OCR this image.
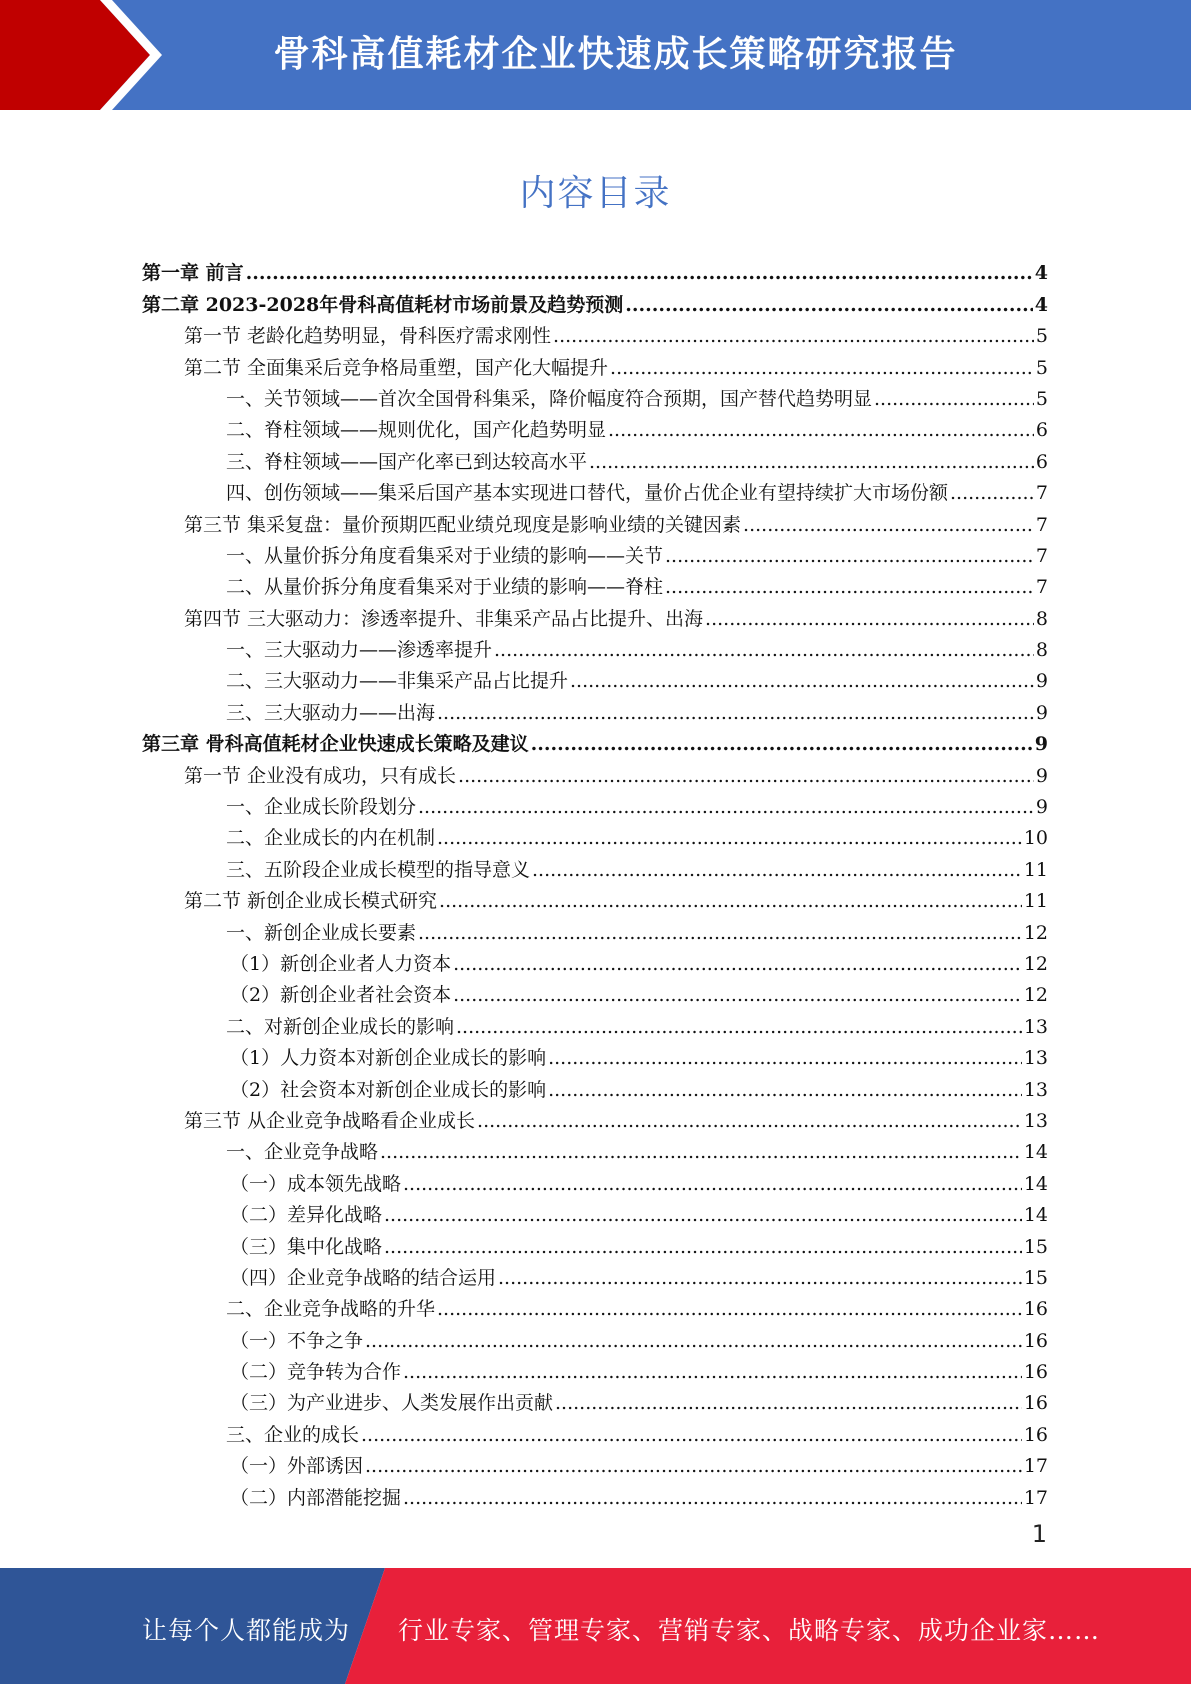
骨科高值耗材企业快速成长策略研究报告
内容目录
第一章 前言 .....	4
第二章 2023-2028年骨科高值耗材市场前景及趋势预测 .....	4
第一节 老龄化趋势明显，骨科医疗需求刚性 .....	5
第二节 全面集采后竞争格局重塑，国产化大幅提升 .....	5
一、关节领域——首次全国骨科集采，降价幅度符合预期，国产替代趋势明显 .....	5
二、脊柱领域——规则优化，国产化趋势明显 .....	6
三、脊柱领域——国产化率已到达较高水平 .....	6
四、创伤领域——集采后国产基本实现进口替代，量价占优企业有望持续扩大市场份额 .....	7
第三节 集采复盘：量价预期匹配业绩兑现度是影响业绩的关键因素 .....	7
一、从量价拆分角度看集采对于业绩的影响——关节 .....	7
二、从量价拆分角度看集采对于业绩的影响——脊柱 .....	7
第四节 三大驱动力：渗透率提升、非集采产品占比提升、出海 .....	8
一、三大驱动力——渗透率提升 .....	8
二、三大驱动力——非集采产品占比提升 .....	9
三、三大驱动力——出海 .....	9
第三章 骨科高值耗材企业快速成长策略及建议 .....	9
第一节 企业没有成功，只有成长 .....	9
一、企业成长阶段划分 .....	9
二、企业成长的内在机制 .....	10
三、五阶段企业成长模型的指导意义 .....	11
第二节 新创企业成长模式研究 .....	11
一、新创企业成长要素 .....	12
（1）新创企业者人力资本 .....	12
（2）新创企业者社会资本 .....	12
二、对新创企业成长的影响 .....	13
（1）人力资本对新创企业成长的影响 .....	13
（2）社会资本对新创企业成长的影响 .....	13
第三节 从企业竞争战略看企业成长 .....	13
一、企业竞争战略 .....	14
（一）成本领先战略 .....	14
（二）差异化战略 .....	14
（三）集中化战略 .....	15
（四）企业竞争战略的结合运用 .....	15
二、企业竞争战略的升华 .....	16
（一）不争之争 .....	16
（二）竞争转为合作 .....	16
（三）为产业进步、人类发展作出贡献 .....	16
三、企业的成长 .....	16
（一）外部诱因 .....	17
（二）内部潜能挖掘 .....	17
1
让每个人都能成为 行业专家、管理专家、营销专家、战略专家、成功企业家……
